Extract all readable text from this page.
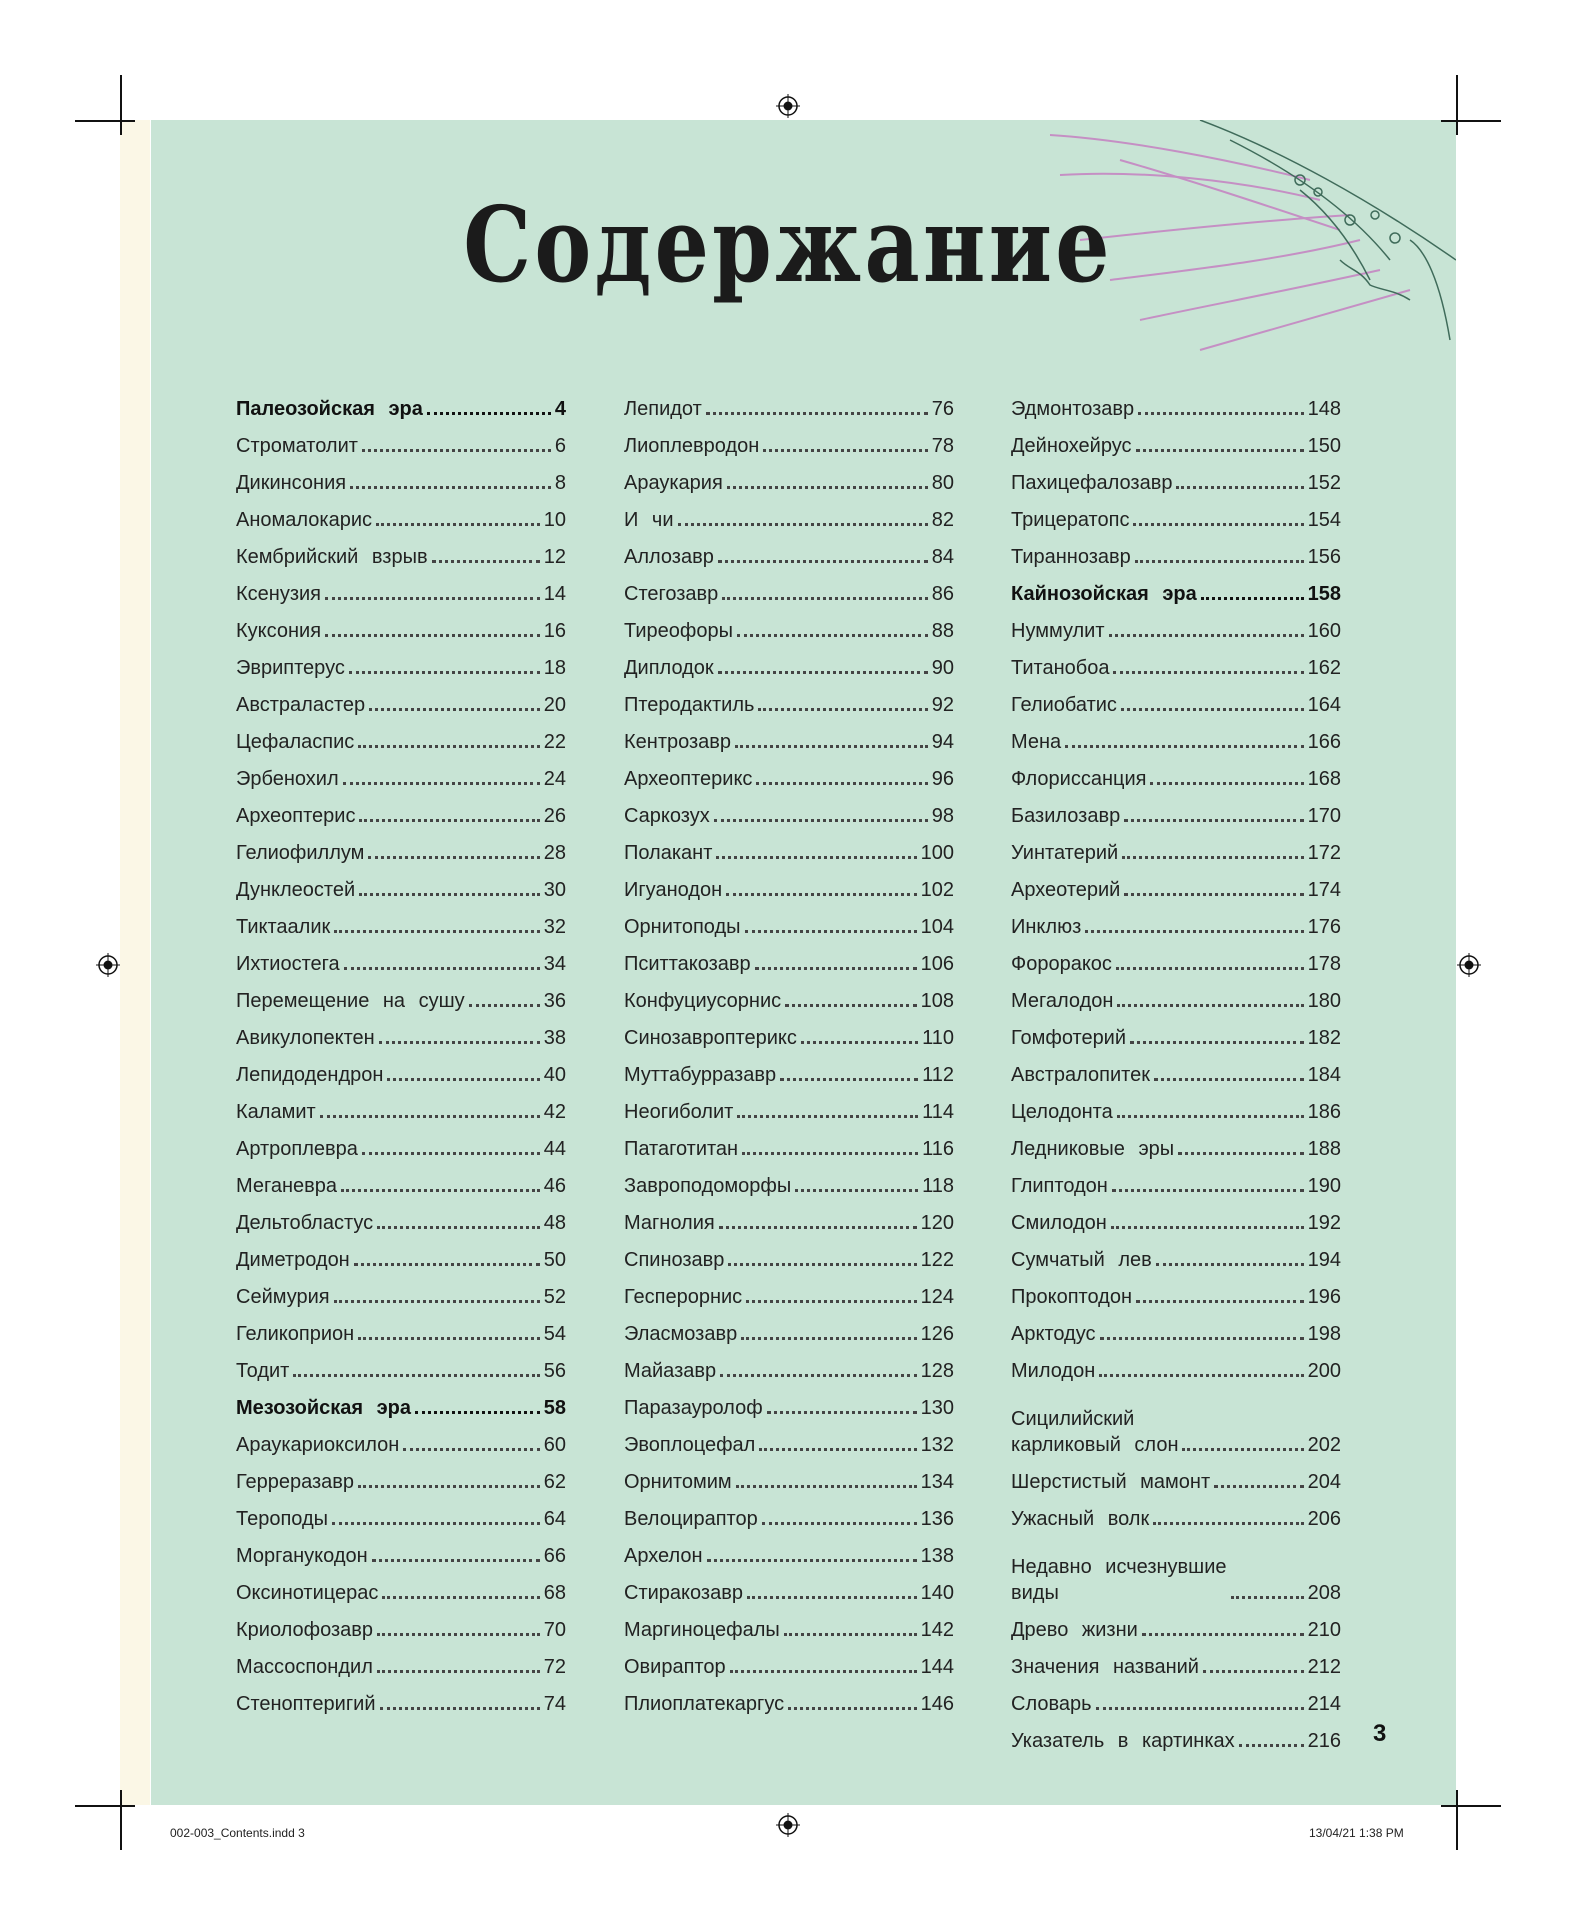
Содержание
Палеозойская эра	4
Строматолит	6
Дикинсония	8
Аномалокарис	10
Кембрийский взрыв	12
Ксенузия	14
Куксония	16
Эвриптерус	18
Австраластер	20
Цефаласпис	22
Эрбенохил	24
Археоптерис	26
Гелиофиллум	28
Дунклеостей	30
Тиктаалик	32
Ихтиостега	34
Перемещение на сушу	36
Авикулопектен	38
Лепидодендрон	40
Каламит	42
Артроплевра	44
Меганевра	46
Дельтобластус	48
Диметродон	50
Сеймурия	52
Геликоприон	54
Тодит	56
Мезозойская эра	58
Араукариоксилон	60
Герреразавр	62
Тероподы	64
Морганукодон	66
Оксинотицерас	68
Криолофозавр	70
Массоспондил	72
Стеноптеригий	74
Лепидот	76
Лиоплевродон	78
Араукария	80
И чи	82
Аллозавр	84
Стегозавр	86
Тиреофоры	88
Диплодок	90
Птеродактиль	92
Кентрозавр	94
Археоптерикс	96
Саркозух	98
Полакант	100
Игуанодон	102
Орнитоподы	104
Пситтакозавр	106
Конфуциусорнис	108
Синозавроптерикс	110
Муттабурразавр	112
Неогиболит	114
Патаготитан	116
Завроподоморфы	118
Магнолия	120
Спинозавр	122
Гесперорнис	124
Эласмозавр	126
Майазавр	128
Паразауролоф	130
Эвоплоцефал	132
Орнитомим	134
Велоцираптор	136
Архелон	138
Стиракозавр	140
Маргиноцефалы	142
Овираптор	144
Плиоплатекаргус	146
Эдмонтозавр	148
Дейнохейрус	150
Пахицефалозавр	152
Трицератопс	154
Тираннозавр	156
Кайнозойская эра	158
Нуммулит	160
Титанобоа	162
Гелиобатис	164
Мена	166
Флориссанция	168
Базилозавр	170
Уинтатерий	172
Археотерий	174
Инклюз	176
Фороракос	178
Мегалодон	180
Гомфотерий	182
Австралопитек	184
Целодонта	186
Ледниковые эры	188
Глиптодон	190
Смилодон	192
Сумчатый лев	194
Прокоптодон	196
Арктодус	198
Милодон	200
Сицилийский
карликовый слон	202
Шерстистый мамонт	204
Ужасный волк	206
Недавно исчезнувшие
виды	208
Древо жизни	210
Значения названий	212
Словарь	214
Указатель в картинках	216 3
002-003_Contents.indd 3	13/04/21 1:38 PM
